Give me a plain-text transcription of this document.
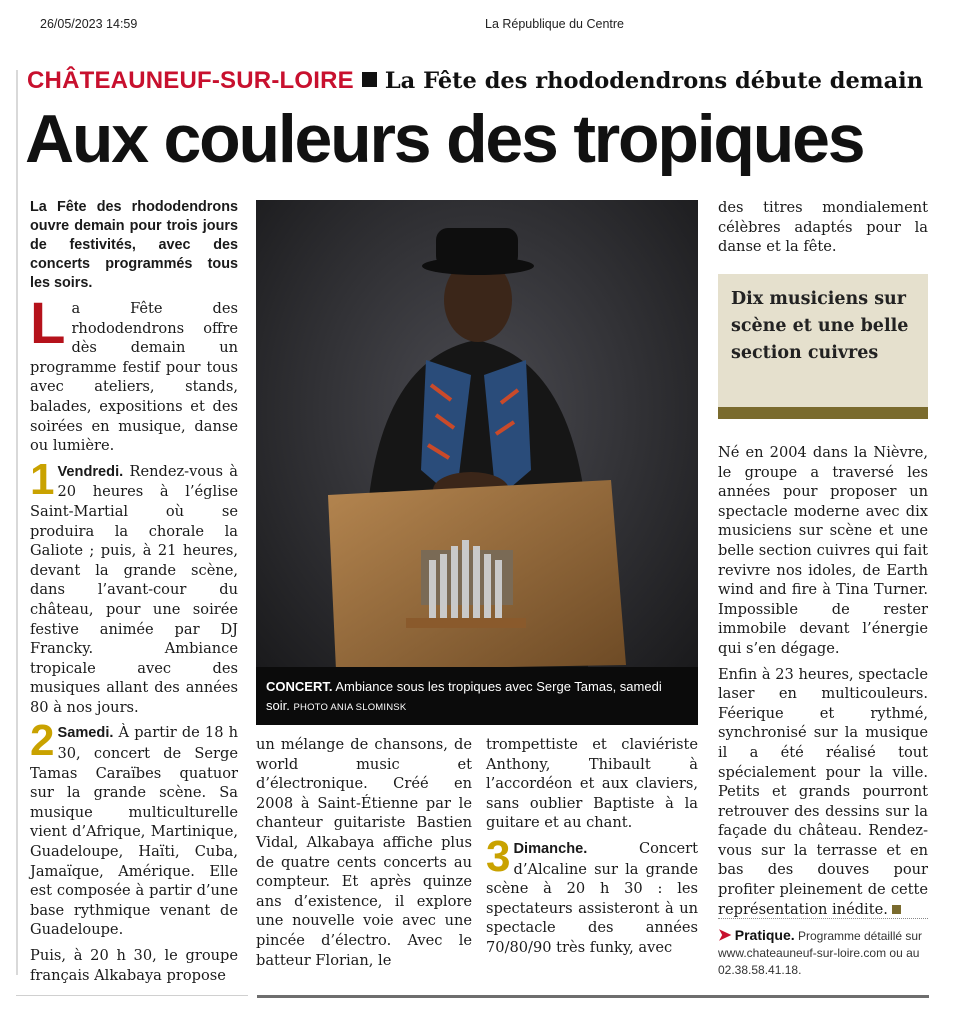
26/05/2023 14:59	La République du Centre
CHÂTEAUNEUF-SUR-LOIRE La Fête des rhododendrons débute demain
Aux couleurs des tropiques

La Fête des rhododendrons ouvre demain pour trois jours de festivités, avec des concerts programmés tous les soirs.

La Fête des rhododendrons offre dès demain un programme festif pour tous avec ateliers, stands, balades, expositions et des soirées en musique, danse ou lumière.

1 Vendredi. Rendez-vous à 20 heures à l’église Saint-Martial où se produira la chorale la Galiote ; puis, à 21 heures, devant la grande scène, dans l’avant-cour du château, pour une soirée festive animée par DJ Francky. Ambiance tropicale avec des musiques allant des années 80 à nos jours.

2 Samedi. À partir de 18 h 30, concert de Serge Tamas Caraïbes quatuor sur la grande scène. Sa musique multiculturelle vient d’Afrique, Martinique, Guadeloupe, Haïti, Cuba, Jamaïque, Amérique. Elle est composée à partir d’une base rythmique venant de Guadeloupe.

Puis, à 20 h 30, le groupe français Alkabaya propose

CONCERT. Ambiance sous les tropiques avec Serge Tamas, samedi soir. PHOTO ANIA SLOMINSK

un mélange de chansons, de world music et d’électronique. Créé en 2008 à Saint-Étienne par le chanteur guitariste Bastien Vidal, Alkabaya affiche plus de quatre cents concerts au compteur. Et après quinze ans d’existence, il explore une nouvelle voie avec une pincée d’électro. Avec le batteur Florian, le

trompettiste et claviériste Anthony, Thibault à l’accordéon et aux claviers, sans oublier Baptiste à la guitare et au chant.

3 Dimanche. Concert d’Alcaline sur la grande scène à 20 h 30 : les spectateurs assisteront à un spectacle des années 70/80/90 très funky, avec

des titres mondialement célèbres adaptés pour la danse et la fête.

Dix musiciens sur scène et une belle section cuivres

Né en 2004 dans la Nièvre, le groupe a traversé les années pour proposer un spectacle moderne avec dix musiciens sur scène et une belle section cuivres qui fait revivre nos idoles, de Earth wind and fire à Tina Turner. Impossible de rester immobile devant l’énergie qui s’en dégage.

Enfin à 23 heures, spectacle laser en multicouleurs. Féerique et rythmé, synchronisé sur la musique il a été réalisé tout spécialement pour la ville. Petits et grands pourront retrouver des dessins sur la façade du château. Rendez-vous sur la terrasse et en bas des douves pour profiter pleinement de cette représentation inédite.

➤ Pratique. Programme détaillé sur www.chateauneuf-sur-loire.com ou au 02.38.58.41.18.
